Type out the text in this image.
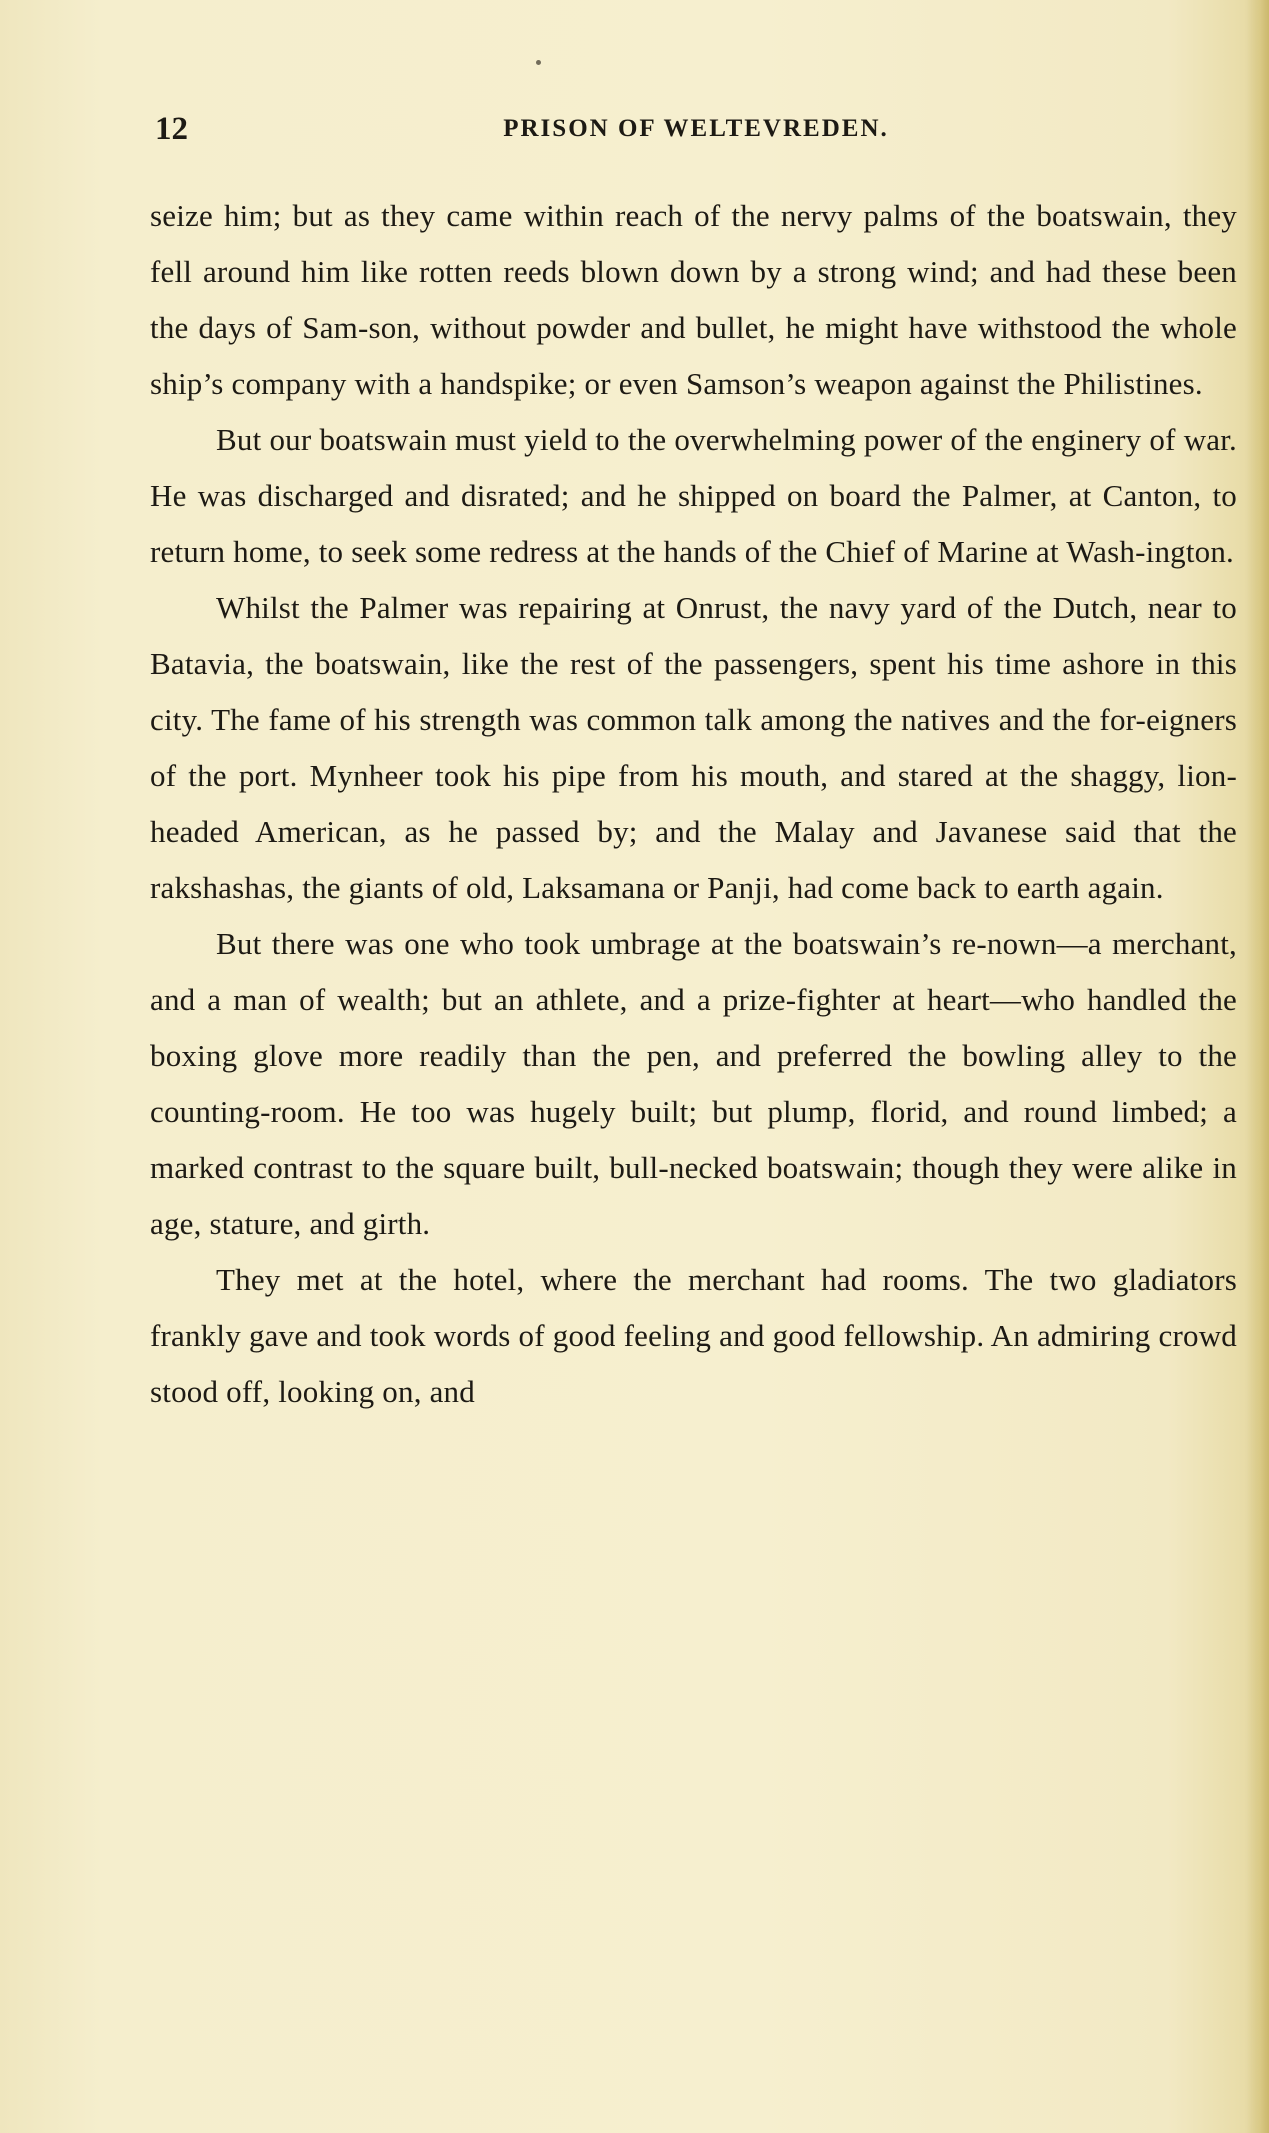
12	PRISON OF WELTEVREDEN.

seize him; but as they came within reach of the nervy palms of the boatswain, they fell around him like rotten reeds blown down by a strong wind; and had these been the days of Sam-son, without powder and bullet, he might have withstood the whole ship’s company with a handspike; or even Samson’s weapon against the Philistines.

But our boatswain must yield to the overwhelming power of the enginery of war. He was discharged and disrated; and he shipped on board the Palmer, at Canton, to return home, to seek some redress at the hands of the Chief of Marine at Wash-ington.

Whilst the Palmer was repairing at Onrust, the navy yard of the Dutch, near to Batavia, the boatswain, like the rest of the passengers, spent his time ashore in this city. The fame of his strength was common talk among the natives and the for-eigners of the port. Mynheer took his pipe from his mouth, and stared at the shaggy, lion-headed American, as he passed by; and the Malay and Javanese said that the rakshashas, the giants of old, Laksamana or Panji, had come back to earth again.

But there was one who took umbrage at the boatswain’s re-nown—a merchant, and a man of wealth; but an athlete, and a prize-fighter at heart—who handled the boxing glove more readily than the pen, and preferred the bowling alley to the counting-room. He too was hugely built; but plump, florid, and round limbed; a marked contrast to the square built, bull-necked boatswain; though they were alike in age, stature, and girth.

They met at the hotel, where the merchant had rooms. The two gladiators frankly gave and took words of good feeling and good fellowship. An admiring crowd stood off, looking on, and
